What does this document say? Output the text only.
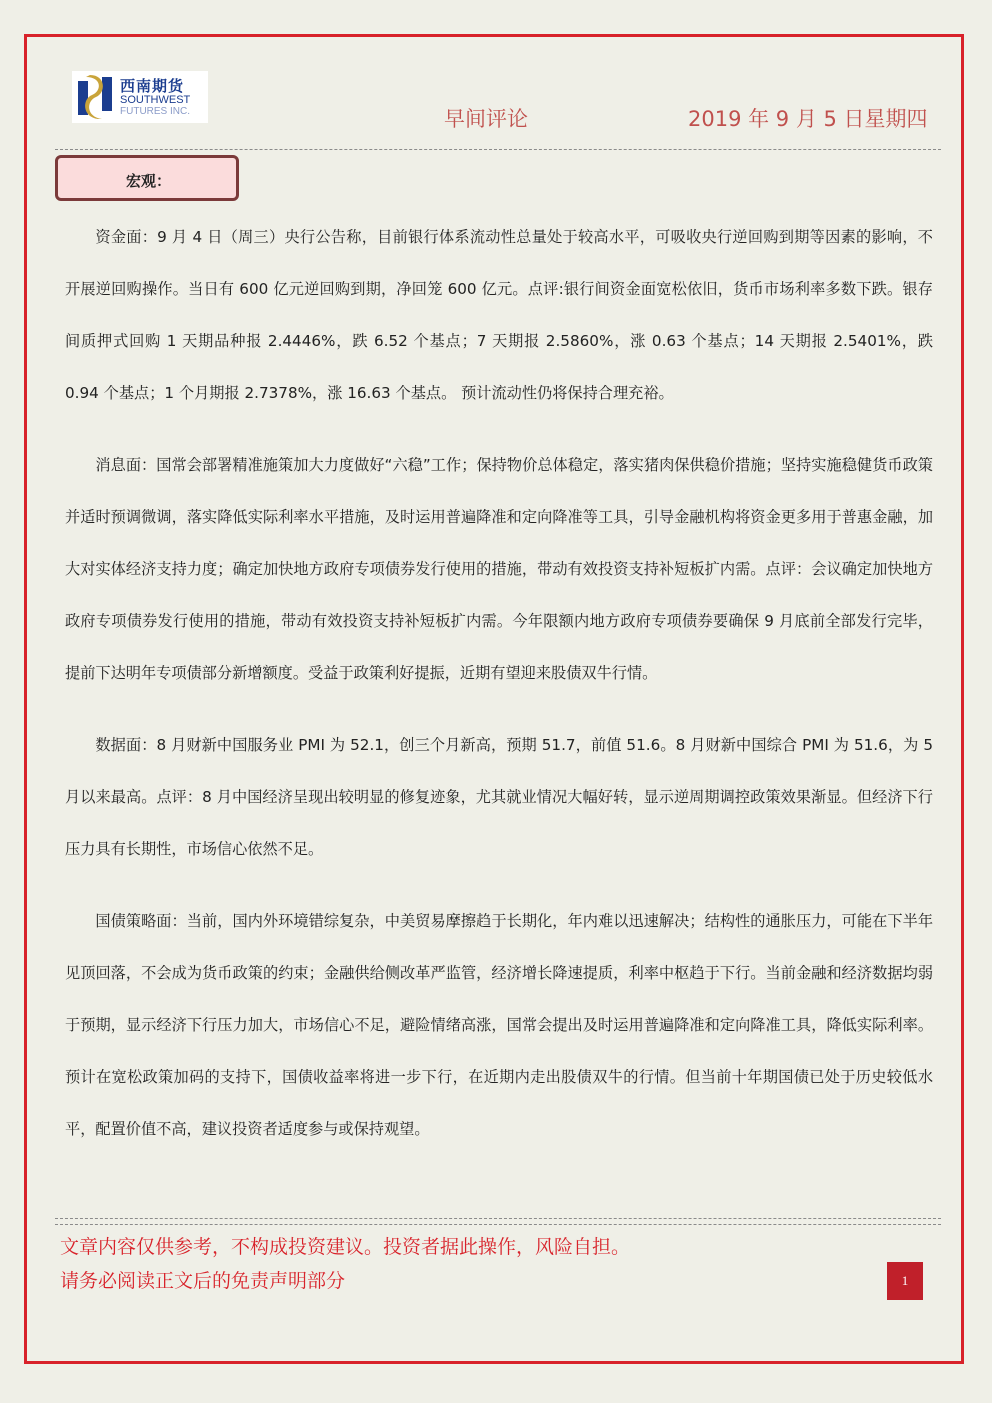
西南期货
SOUTHWEST
FUTURES INC.	早间评论	2019 年 9 月 5 日星期四
宏观：

资金面：9 月 4 日（周三）央行公告称，目前银行体系流动性总量处于较高水平，可吸收央行逆回购到期等因素的影响，不开展逆回购操作。当日有 600 亿元逆回购到期，净回笼 600 亿元。点评:银行间资金面宽松依旧，货币市场利率多数下跌。银存间质押式回购 1 天期品种报 2.4446%，跌 6.52 个基点；7 天期报 2.5860%，涨 0.63 个基点；14 天期报 2.5401%，跌 0.94 个基点；1 个月期报 2.7378%，涨 16.63 个基点。 预计流动性仍将保持合理充裕。

消息面：国常会部署精准施策加大力度做好“六稳”工作；保持物价总体稳定，落实猪肉保供稳价措施；坚持实施稳健货币政策并适时预调微调，落实降低实际利率水平措施，及时运用普遍降准和定向降准等工具，引导金融机构将资金更多用于普惠金融，加大对实体经济支持力度；确定加快地方政府专项债券发行使用的措施，带动有效投资支持补短板扩内需。点评：会议确定加快地方政府专项债券发行使用的措施，带动有效投资支持补短板扩内需。今年限额内地方政府专项债券要确保 9 月底前全部发行完毕，提前下达明年专项债部分新增额度。受益于政策利好提振，近期有望迎来股债双牛行情。

数据面：8 月财新中国服务业 PMI 为 52.1，创三个月新高，预期 51.7，前值 51.6。8 月财新中国综合 PMI 为 51.6，为 5 月以来最高。点评：8 月中国经济呈现出较明显的修复迹象，尤其就业情况大幅好转，显示逆周期调控政策效果渐显。但经济下行压力具有长期性，市场信心依然不足。

国债策略面：当前，国内外环境错综复杂，中美贸易摩擦趋于长期化，年内难以迅速解决；结构性的通胀压力，可能在下半年见顶回落，不会成为货币政策的约束；金融供给侧改革严监管，经济增长降速提质，利率中枢趋于下行。当前金融和经济数据均弱于预期，显示经济下行压力加大，市场信心不足，避险情绪高涨，国常会提出及时运用普遍降准和定向降准工具，降低实际利率。预计在宽松政策加码的支持下，国债收益率将进一步下行，在近期内走出股债双牛的行情。但当前十年期国债已处于历史较低水平，配置价值不高，建议投资者适度参与或保持观望。

文章内容仅供参考，不构成投资建议。投资者据此操作，风险自担。
请务必阅读正文后的免责声明部分	1
